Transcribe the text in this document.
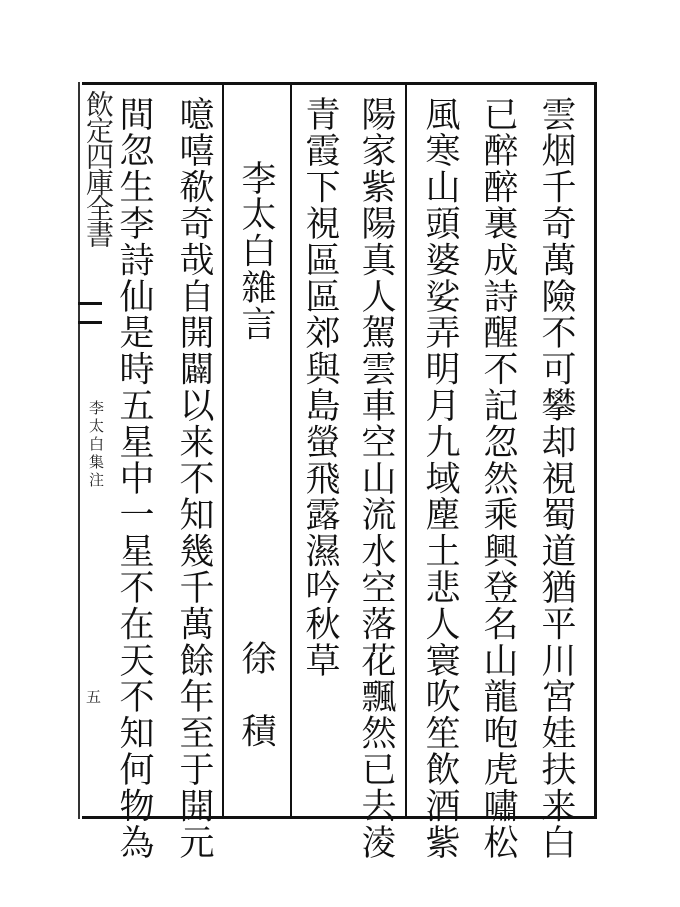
飲定四庫全書
李太白集注
五	雲烟千奇萬險不可攀却視蜀道猶平川宮娃扶来白
已醉醉裏成詩醒不記忽然乘興登名山龍咆虎嘯松
風寒山頭婆娑弄明月九域塵土悲人寰吹笙飲酒紫
陽家紫陽真人駕雲車空山流水空落花飄然已去淩
青霞下視區區郊與島螢飛露濕吟秋草
李太白雜言
徐　積
噫嘻欷奇哉自開闢以来不知幾千萬餘年至于開元
間忽生李詩仙是時五星中一星不在天不知何物為
